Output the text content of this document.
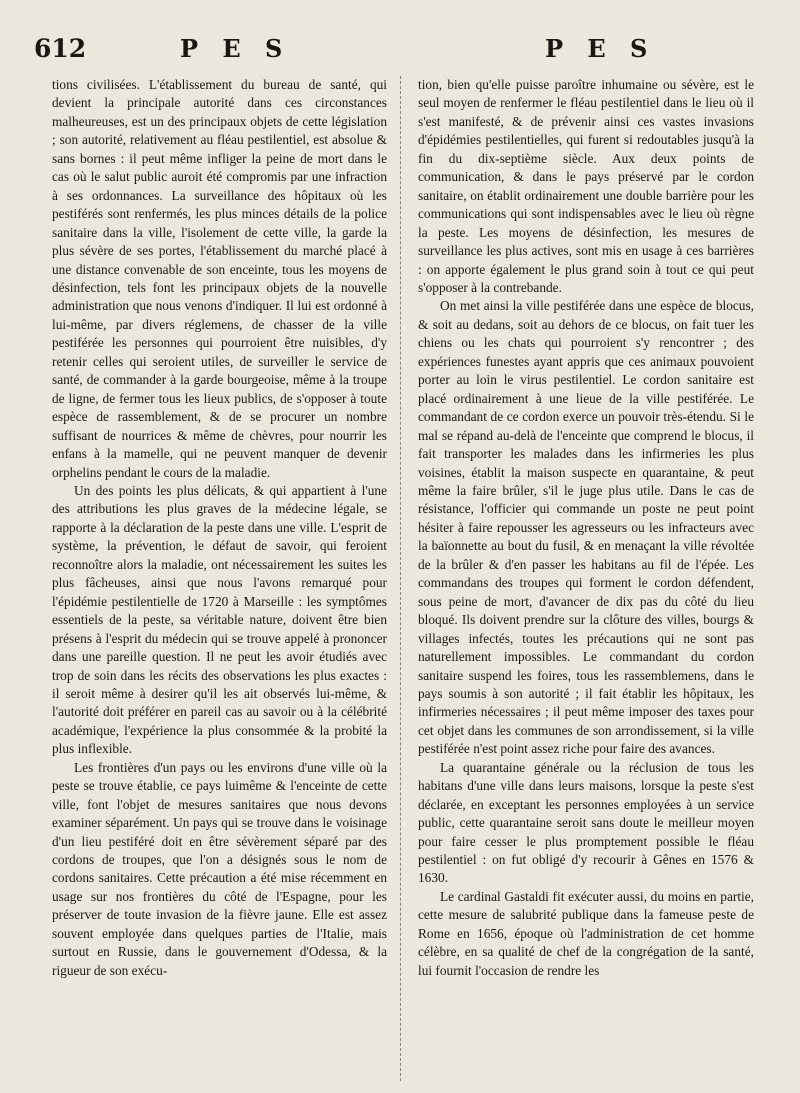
612	P E S	P E S

tions civilisées. L'établissement du bureau de santé, qui devient la principale autorité dans ces circonstances malheureuses, est un des principaux objets de cette législation ; son autorité, relativement au fléau pestilentiel, est absolue & sans bornes : il peut même infliger la peine de mort dans le cas où le salut public auroit été compromis par une infraction à ses ordonnances. La surveillance des hôpitaux où les pestiférés sont renfermés, les plus minces détails de la police sanitaire dans la ville, l'isolement de cette ville, la garde la plus sévère de ses portes, l'établissement du marché placé à une distance convenable de son enceinte, tous les moyens de désinfection, tels font les principaux objets de la nouvelle administration que nous venons d'indiquer. Il lui est ordonné à lui-même, par divers réglemens, de chasser de la ville pestiférée les personnes qui pourroient être nuisibles, d'y retenir celles qui seroient utiles, de surveiller le service de santé, de commander à la garde bourgeoise, même à la troupe de ligne, de fermer tous les lieux publics, de s'opposer à toute espèce de rassemblement, & de se procurer un nombre suffisant de nourrices & même de chèvres, pour nourrir les enfans à la mamelle, qui ne peuvent manquer de devenir orphelins pendant le cours de la maladie.

Un des points les plus délicats, & qui appartient à l'une des attributions les plus graves de la médecine légale, se rapporte à la déclaration de la peste dans une ville. L'esprit de système, la prévention, le défaut de savoir, qui feroient reconnoître alors la maladie, ont nécessairement les suites les plus fâcheuses, ainsi que nous l'avons remarqué pour l'épidémie pestilentielle de 1720 à Marseille : les symptômes essentiels de la peste, sa véritable nature, doivent être bien présens à l'esprit du médecin qui se trouve appelé à prononcer dans une pareille question. Il ne peut les avoir étudiés avec trop de soin dans les récits des observations les plus exactes : il seroit même à desirer qu'il les ait observés lui-même, & l'autorité doit préférer en pareil cas au savoir ou à la célébrité académique, l'expérience la plus consommée & la probité la plus inflexible.

Les frontières d'un pays ou les environs d'une ville où la peste se trouve établie, ce pays luimême & l'enceinte de cette ville, font l'objet de mesures sanitaires que nous devons examiner séparément. Un pays qui se trouve dans le voisinage d'un lieu pestiféré doit en être sévèrement séparé par des cordons de troupes, que l'on a désignés sous le nom de cordons sanitaires. Cette précaution a été mise récemment en usage sur nos frontières du côté de l'Espagne, pour les préserver de toute invasion de la fièvre jaune. Elle est assez souvent employée dans quelques parties de l'Italie, mais surtout en Russie, dans le gouvernement d'Odessa, & la rigueur de son exécu-

tion, bien qu'elle puisse paroître inhumaine ou sévère, est le seul moyen de renfermer le fléau pestilentiel dans le lieu où il s'est manifesté, & de prévenir ainsi ces vastes invasions d'épidémies pestilentielles, qui furent si redoutables jusqu'à la fin du dix-septième siècle. Aux deux points de communication, & dans le pays préservé par le cordon sanitaire, on établit ordinairement une double barrière pour les communications qui sont indispensables avec le lieu où règne la peste. Les moyens de désinfection, les mesures de surveillance les plus actives, sont mis en usage à ces barrières : on apporte également le plus grand soin à tout ce qui peut s'opposer à la contrebande.

On met ainsi la ville pestiférée dans une espèce de blocus, & soit au dedans, soit au dehors de ce blocus, on fait tuer les chiens ou les chats qui pourroient s'y rencontrer ; des expériences funestes ayant appris que ces animaux pouvoient porter au loin le virus pestilentiel. Le cordon sanitaire est placé ordinairement à une lieue de la ville pestiférée. Le commandant de ce cordon exerce un pouvoir très-étendu. Si le mal se répand au-delà de l'enceinte que comprend le blocus, il fait transporter les malades dans les infirmeries les plus voisines, établit la maison suspecte en quarantaine, & peut même la faire brûler, s'il le juge plus utile. Dans le cas de résistance, l'officier qui commande un poste ne peut point hésiter à faire repousser les agresseurs ou les infracteurs avec la baïonnette au bout du fusil, & en menaçant la ville révoltée de la brûler & d'en passer les habitans au fil de l'épée. Les commandans des troupes qui forment le cordon défendent, sous peine de mort, d'avancer de dix pas du côté du lieu bloqué. Ils doivent prendre sur la clôture des villes, bourgs & villages infectés, toutes les précautions qui ne sont pas naturellement impossibles. Le commandant du cordon sanitaire suspend les foires, tous les rassemblemens, dans le pays soumis à son autorité ; il fait établir les hôpitaux, les infirmeries nécessaires ; il peut même imposer des taxes pour cet objet dans les communes de son arrondissement, si la ville pestiférée n'est point assez riche pour faire des avances.

La quarantaine générale ou la réclusion de tous les habitans d'une ville dans leurs maisons, lorsque la peste s'est déclarée, en exceptant les personnes employées à un service public, cette quarantaine seroit sans doute le meilleur moyen pour faire cesser le plus promptement possible le fléau pestilentiel : on fut obligé d'y recourir à Gênes en 1576 & 1630.

Le cardinal Gastaldi fit exécuter aussi, du moins en partie, cette mesure de salubrité publique dans la fameuse peste de Rome en 1656, époque où l'administration de cet homme célèbre, en sa qualité de chef de la congrégation de la santé, lui fournit l'occasion de rendre les
